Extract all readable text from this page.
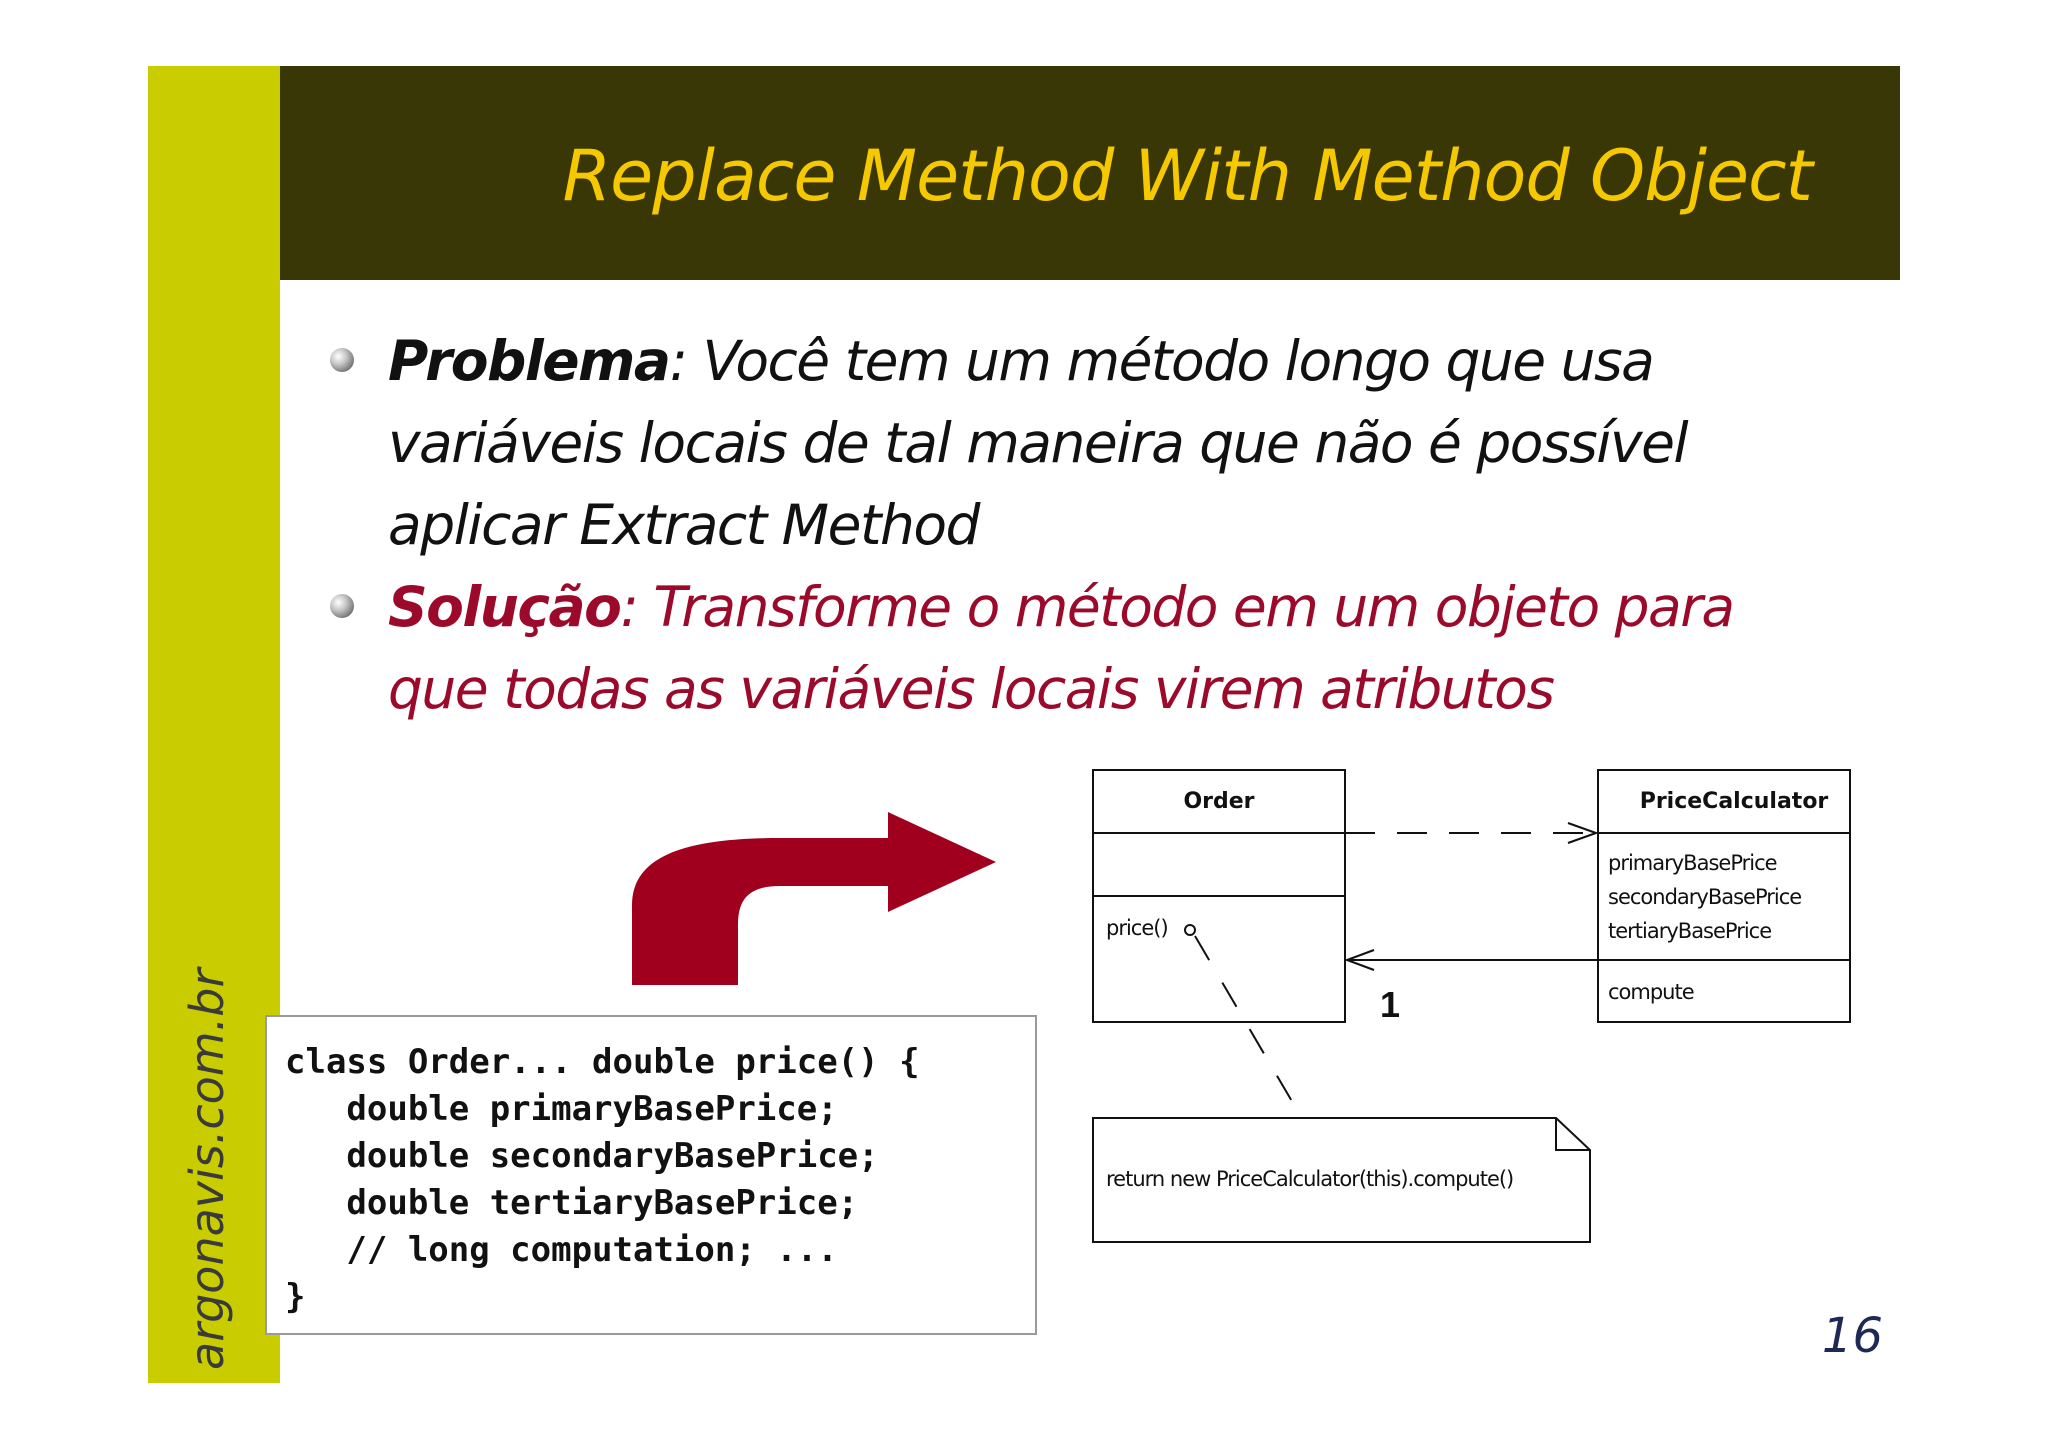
argonavis.com.br
Replace Method With Method Object
Problema: Você tem um método longo que usa variáveis locais de tal maneira que não é possível aplicar Extract Method
Solução: Transforme o método em um objeto para que todas as variáveis locais virem atributos
Order
price()
PriceCalculator
primaryBasePrice
secondaryBasePrice
tertiaryBasePrice
compute
1
return new PriceCalculator(this).compute()
class Order... double price() {
double primaryBasePrice;
double secondaryBasePrice;
double tertiaryBasePrice;
// long computation; ...
}
16
